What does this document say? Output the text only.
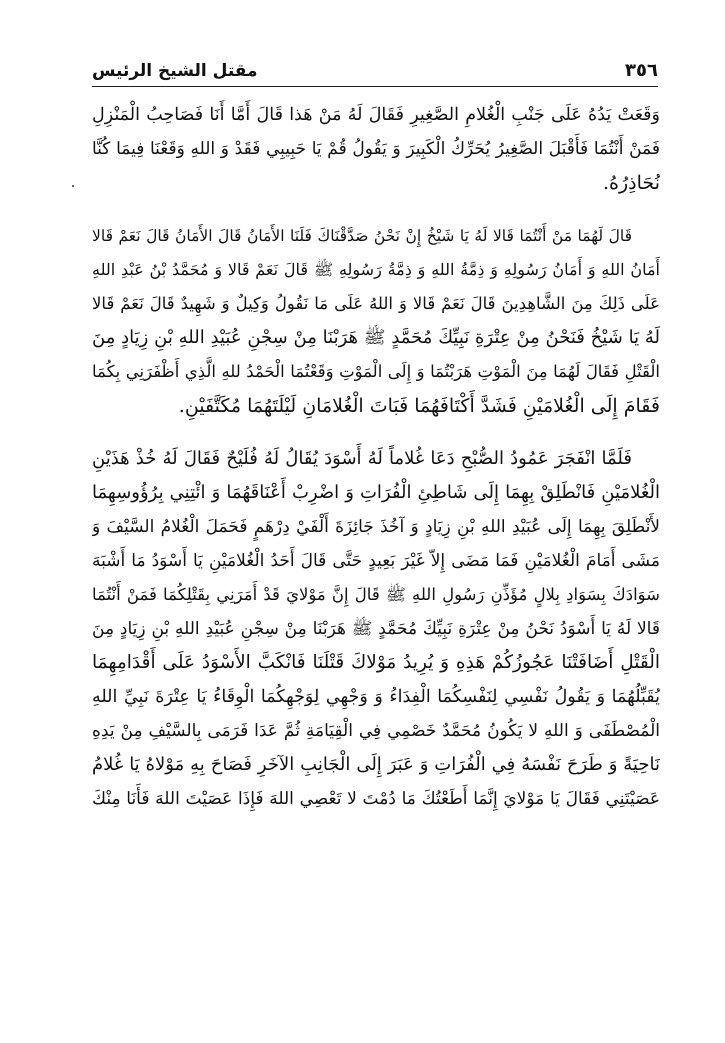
٣٥٦
مقتل الشيخ الرئيس
وَقَعَتْ يَدُهُ عَلَى جَنْبِ الْغُلامِ الصَّغِيرِ فَقَالَ لَهُ مَنْ هَذا قَالَ أَمَّا أَنَا فَصَاحِبُ الْمَنْزِلِ
فَمَنْ أَنْتُمَا فَأَقْبَلَ الصَّغِيرُ يُحَرِّكُ الْكَبِيرَ وَ يَقُولُ قُمْ يَا حَبِيبِي فَقَدْ وَ اللهِ وَقَعْنَا فِيمَا كُنَّا
نُحَاذِرُهُ.
قَالَ لَهُمَا مَنْ أَنْتُمَا قَالا لَهُ يَا شَيْخُ إِنْ نَحْنُ صَدَّقْنَاكَ فَلَنَا الأَمَانُ قَالَ الأَمَانُ قَالَ نَعَمْ قَالا
أَمَانُ اللهِ وَ أَمَانُ رَسُولِهِ وَ ذِمَّةُ اللهِ وَ ذِمَّةُ رَسُولِهِ ﷺ قَالَ نَعَمْ قَالا وَ مُحَمَّدُ بْنُ عَبْدِ اللهِ
عَلَى ذَلِكَ مِنَ الشَّاهِدِينَ قَالَ نَعَمْ قَالا وَ اللهُ عَلَى مَا نَقُولُ وَكِيلٌ وَ شَهِيدٌ قَالَ نَعَمْ قَالا
لَهُ يَا شَيْخُ فَنَحْنُ مِنْ عِتْرَةِ نَبِيِّكَ مُحَمَّدٍ ﷺ هَرَبْنَا مِنْ سِجْنِ عُبَيْدِ اللهِ بْنِ زِيَادٍ مِنَ
الْقَتْلِ فَقَالَ لَهُمَا مِنَ الْمَوْتِ هَرَبْتُمَا وَ إِلَى الْمَوْتِ وَقَعْتُمَا الْحَمْدُ للهِ الَّذِي أَظْفَرَنِي بِكُمَا
فَقَامَ إِلَى الْغُلامَيْنِ فَشَدَّ أَكْتَافَهُمَا فَبَاتَ الْغُلامَانِ لَيْلَتَهُمَا مُكَتَّفَيْنِ.
فَلَمَّا انْفَجَرَ عَمُودُ الصُّبْحِ دَعَا غُلاماً لَهُ أَسْوَدَ يُقَالُ لَهُ فُلَيْحٌ فَقَالَ لَهُ خُذْ هَذَيْنِ
الْغُلامَيْنِ فَانْطَلِقْ بِهِمَا إِلَى شَاطِئِ الْفُرَاتِ وَ اضْرِبْ أَعْنَاقَهُمَا وَ ائْتِنِي بِرُؤُوسِهِمَا
لأَنْطَلِقَ بِهِمَا إِلَى عُبَيْدِ اللهِ بْنِ زِيَادٍ وَ آخُذَ جَائِزَةَ أَلْفَيْ دِرْهَمٍ فَحَمَلَ الْغُلامُ السَّيْفَ وَ
مَشَى أَمَامَ الْغُلامَيْنِ فَمَا مَضَى إِلاّ غَيْرَ بَعِيدٍ حَتَّى قَالَ أَحَدُ الْغُلامَيْنِ يَا أَسْوَدُ مَا أَشْبَهَ
سَوَادَكَ بِسَوَادِ بِلالٍ مُؤَذِّنِ رَسُولِ اللهِ ﷺ قَالَ إِنَّ مَوْلايَ قَدْ أَمَرَنِي بِقَتْلِكُمَا فَمَنْ أَنْتُمَا
قَالا لَهُ يَا أَسْوَدُ نَحْنُ مِنْ عِتْرَةِ نَبِيِّكَ مُحَمَّدٍ ﷺ هَرَبْنَا مِنْ سِجْنِ عُبَيْدِ اللهِ بْنِ زِيَادٍ مِنَ
الْقَتْلِ أَضَافَتْنَا عَجُوزُكُمْ هَذِهِ وَ يُرِيدُ مَوْلاكَ قَتْلَنَا فَانْكَبَّ الأَسْوَدُ عَلَى أَقْدَامِهِمَا
يُقَبِّلُهُمَا وَ يَقُولُ نَفْسِي لِنَفْسِكُمَا الْفِدَاءُ وَ وَجْهِي لِوَجْهِكُمَا الْوِقَاءُ يَا عِتْرَةَ نَبِيِّ اللهِ
الْمُصْطَفَى وَ اللهِ لا يَكُونُ مُحَمَّدٌ خَصْمِي فِي الْقِيَامَةِ ثُمَّ عَدَا فَرَمَى بِالسَّيْفِ مِنْ يَدِهِ
نَاحِيَةً وَ طَرَحَ نَفْسَهُ فِي الْفُرَاتِ وَ عَبَرَ إِلَى الْجَانِبِ الآخَرِ فَصَاحَ بِهِ مَوْلاهُ يَا غُلامُ
عَصَيْتَنِي فَقَالَ يَا مَوْلايَ إِنَّمَا أَطَعْتُكَ مَا دُمْتَ لا تَعْصِي اللهَ فَإِذَا عَصَيْتَ اللهَ فَأَنَا مِنْكَ
